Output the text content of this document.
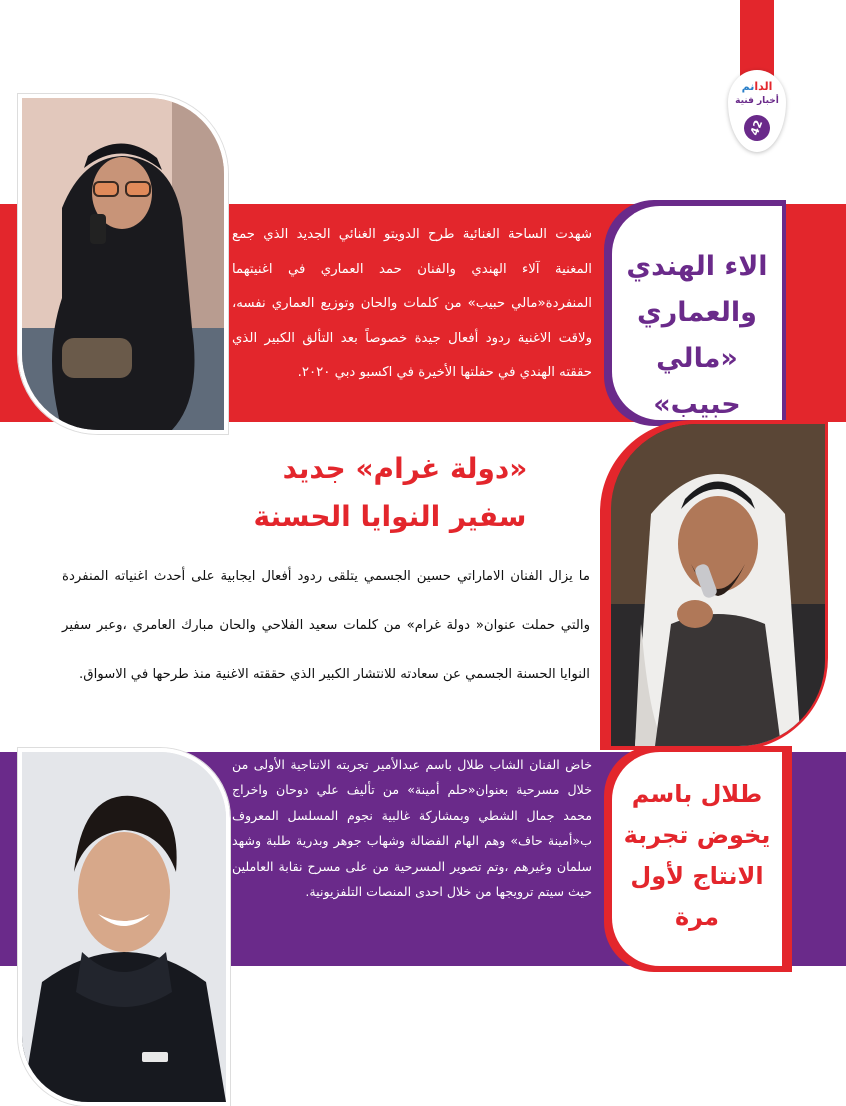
الدانم
أخبار فنية
42
الاء الهندي
والعماري
«مالي حبيب»
شهدت الساحة الغنائية طرح الدويتو الغنائي الجديد الذي جمع المغنية آلاء الهندي والفنان حمد العماري في اغنيتهما المنفردة«مالي حبيب» من كلمات والحان وتوزيع العماري نفسه، ولاقت الاغنية ردود أفعال جيدة خصوصاً بعد التألق الكبير الذي حققته الهندي في حفلتها الأخيرة في اكسبو دبي ٢٠٢٠.
«دولة غرام» جديد
سفير النوايا الحسنة
ما يزال الفنان الاماراتي حسين الجسمي يتلقى ردود أفعال ايجابية على أحدث اغنياته المنفردة والتي حملت عنوان« دولة غرام» من كلمات سعيد الفلاحي والحان مبارك العامري ،وعبر سفير النوايا الحسنة الجسمي عن سعادته للانتشار الكبير الذي حققته الاغنية منذ طرحها في الاسواق.
طلال باسم
يخوض تجربة
الانتاج لأول
مرة
خاض الفنان الشاب طلال باسم عبدالأمير تجربته الانتاجية الأولى من خلال مسرحية بعنوان«حلم أمينة» من تأليف علي دوحان واخراج محمد جمال الشطي وبمشاركة غالبية نجوم المسلسل المعروف ب«أمينة حاف» وهم الهام الفضالة وشهاب جوهر وبدرية طلبة وشهد سلمان وغيرهم ،وتم تصوير المسرحية من على مسرح نقابة العاملين حيث سيتم ترويجها من خلال احدى المنصات التلفزيونية.
